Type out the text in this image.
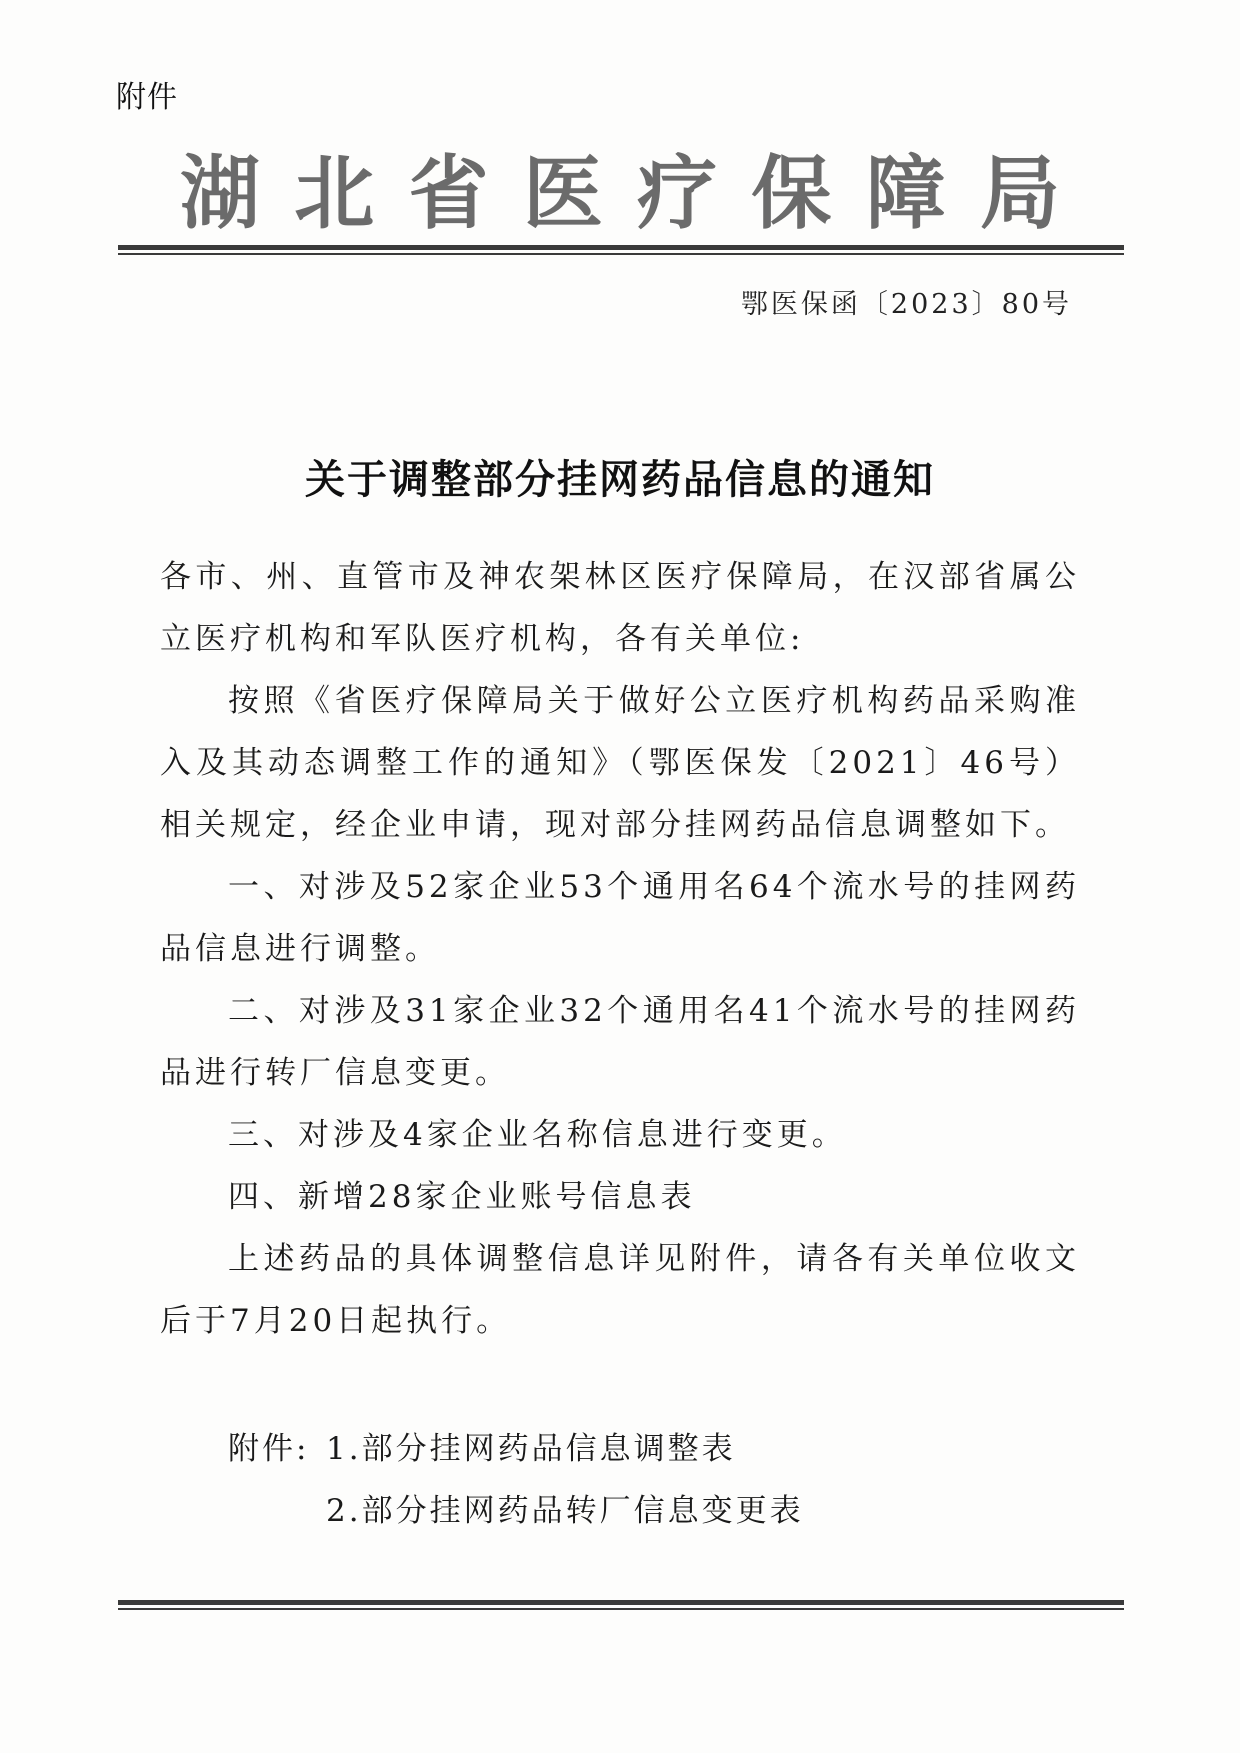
附件
湖 北 省 医 疗 保 障 局
鄂医保函〔2023〕80号
关于调整部分挂网药品信息的通知

各市、州、直管市及神农架林区医疗保障局，在汉部省属公立医疗机构和军队医疗机构，各有关单位:

按照《省医疗保障局关于做好公立医疗机构药品采购准入及其动态调整工作的通知》（鄂医保发〔2021〕46号）相关规定，经企业申请，现对部分挂网药品信息调整如下。

一、对涉及52家企业53个通用名64个流水号的挂网药品信息进行调整。

二、对涉及31家企业32个通用名41个流水号的挂网药品进行转厂信息变更。

三、对涉及4家企业名称信息进行变更。

四、新增28家企业账号信息表

上述药品的具体调整信息详见附件，请各有关单位收文后于7月20日起执行。

附件: 1.部分挂网药品信息调整表
2.部分挂网药品转厂信息变更表
